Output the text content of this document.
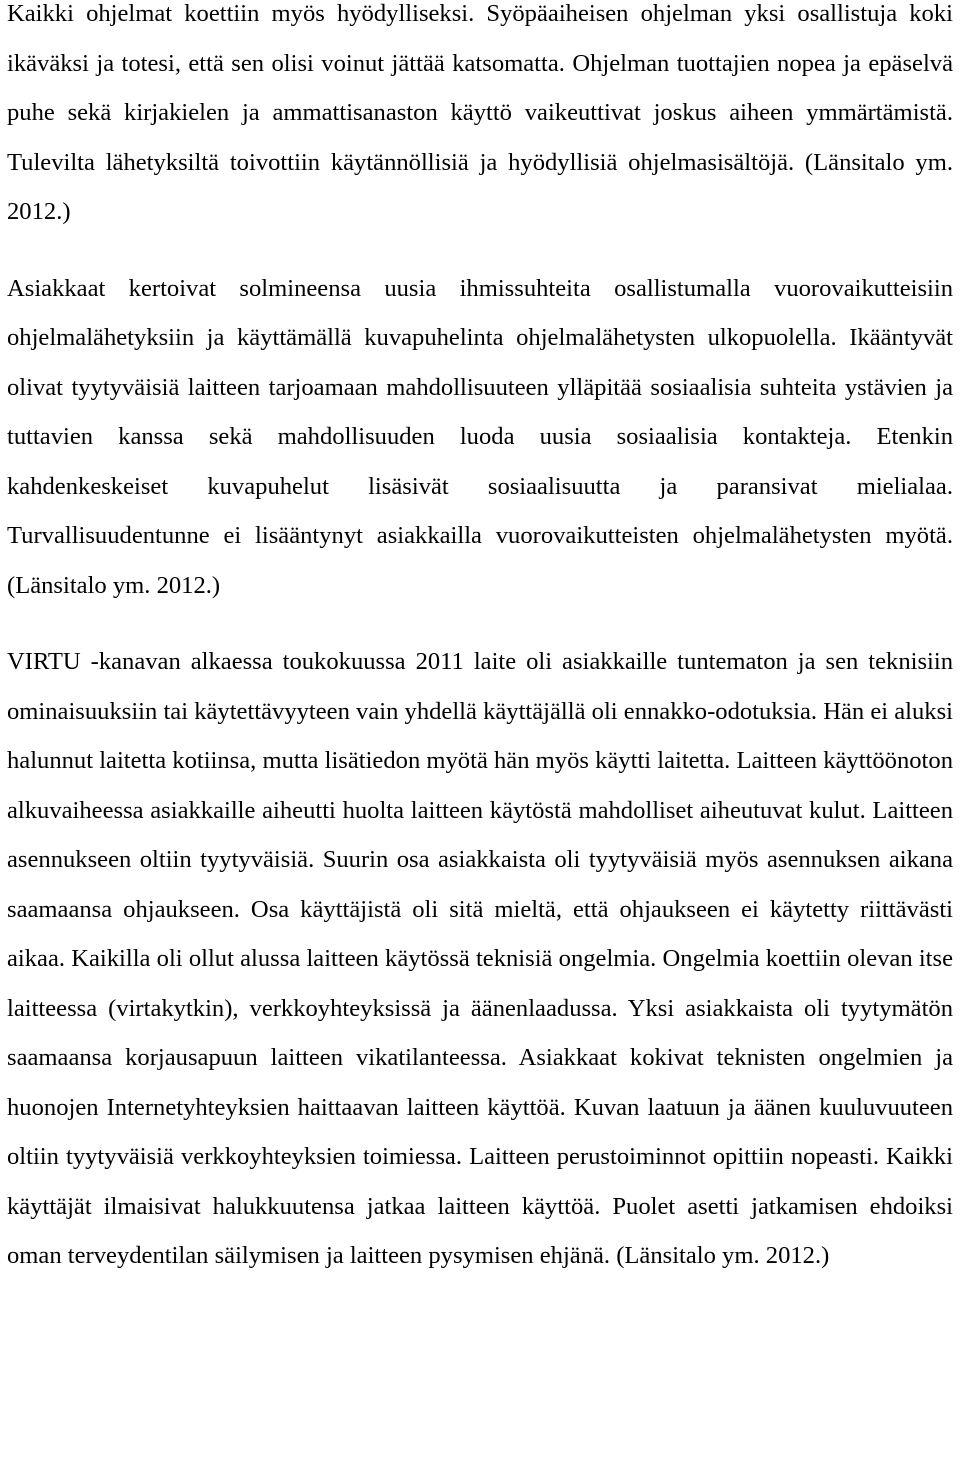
Kaikki ohjelmat koettiin myös hyödylliseksi. Syöpäaiheisen ohjelman yksi osallistuja koki ikäväksi ja totesi, että sen olisi voinut jättää katsomatta. Ohjelman tuottajien nopea ja epäselvä puhe sekä kirjakielen ja ammattisanaston käyttö vaikeuttivat joskus aiheen ymmärtämistä. Tulevilta lähetyksiltä toivottiin käytännöllisiä ja hyödyllisiä ohjelmasisältöjä. (Länsitalo ym. 2012.)

Asiakkaat kertoivat solmineensa uusia ihmissuhteita osallistumalla vuorovaikutteisiin ohjelmalähetyksiin ja käyttämällä kuvapuhelinta ohjelmalähetysten ulkopuolella. Ikääntyvät olivat tyytyväisiä laitteen tarjoamaan mahdollisuuteen ylläpitää sosiaalisia suhteita ystävien ja tuttavien kanssa sekä mahdollisuuden luoda uusia sosiaalisia kontakteja. Etenkin kahdenkeskeiset kuvapuhelut lisäsivät sosiaalisuutta ja paransivat mielialaa. Turvallisuudentunne ei lisääntynyt asiakkailla vuorovaikutteisten ohjelmalähetysten myötä. (Länsitalo ym. 2012.)

VIRTU -kanavan alkaessa toukokuussa 2011 laite oli asiakkaille tuntematon ja sen teknisiin ominaisuuksiin tai käytettävyyteen vain yhdellä käyttäjällä oli ennakko-odotuksia. Hän ei aluksi halunnut laitetta kotiinsa, mutta lisätiedon myötä hän myös käytti laitetta. Laitteen käyttöönoton alkuvaiheessa asiakkaille aiheutti huolta laitteen käytöstä mahdolliset aiheutuvat kulut. Laitteen asennukseen oltiin tyytyväisiä. Suurin osa asiakkaista oli tyytyväisiä myös asennuksen aikana saamaansa ohjaukseen. Osa käyttäjistä oli sitä mieltä, että ohjaukseen ei käytetty riittävästi aikaa. Kaikilla oli ollut alussa laitteen käytössä teknisiä ongelmia. Ongelmia koettiin olevan itse laitteessa (virtakytkin), verkkoyhteyksissä ja äänenlaadussa. Yksi asiakkaista oli tyytymätön saamaansa korjausapuun laitteen vikatilanteessa. Asiakkaat kokivat teknisten ongelmien ja huonojen Internetyhteyksien haittaavan laitteen käyttöä. Kuvan laatuun ja äänen kuuluvuuteen oltiin tyytyväisiä verkkoyhteyksien toimiessa. Laitteen perustoiminnot opittiin nopeasti. Kaikki käyttäjät ilmaisivat halukkuutensa jatkaa laitteen käyttöä. Puolet asetti jatkamisen ehdoiksi oman terveydentilan säilymisen ja laitteen pysymisen ehjänä. (Länsitalo ym. 2012.)
